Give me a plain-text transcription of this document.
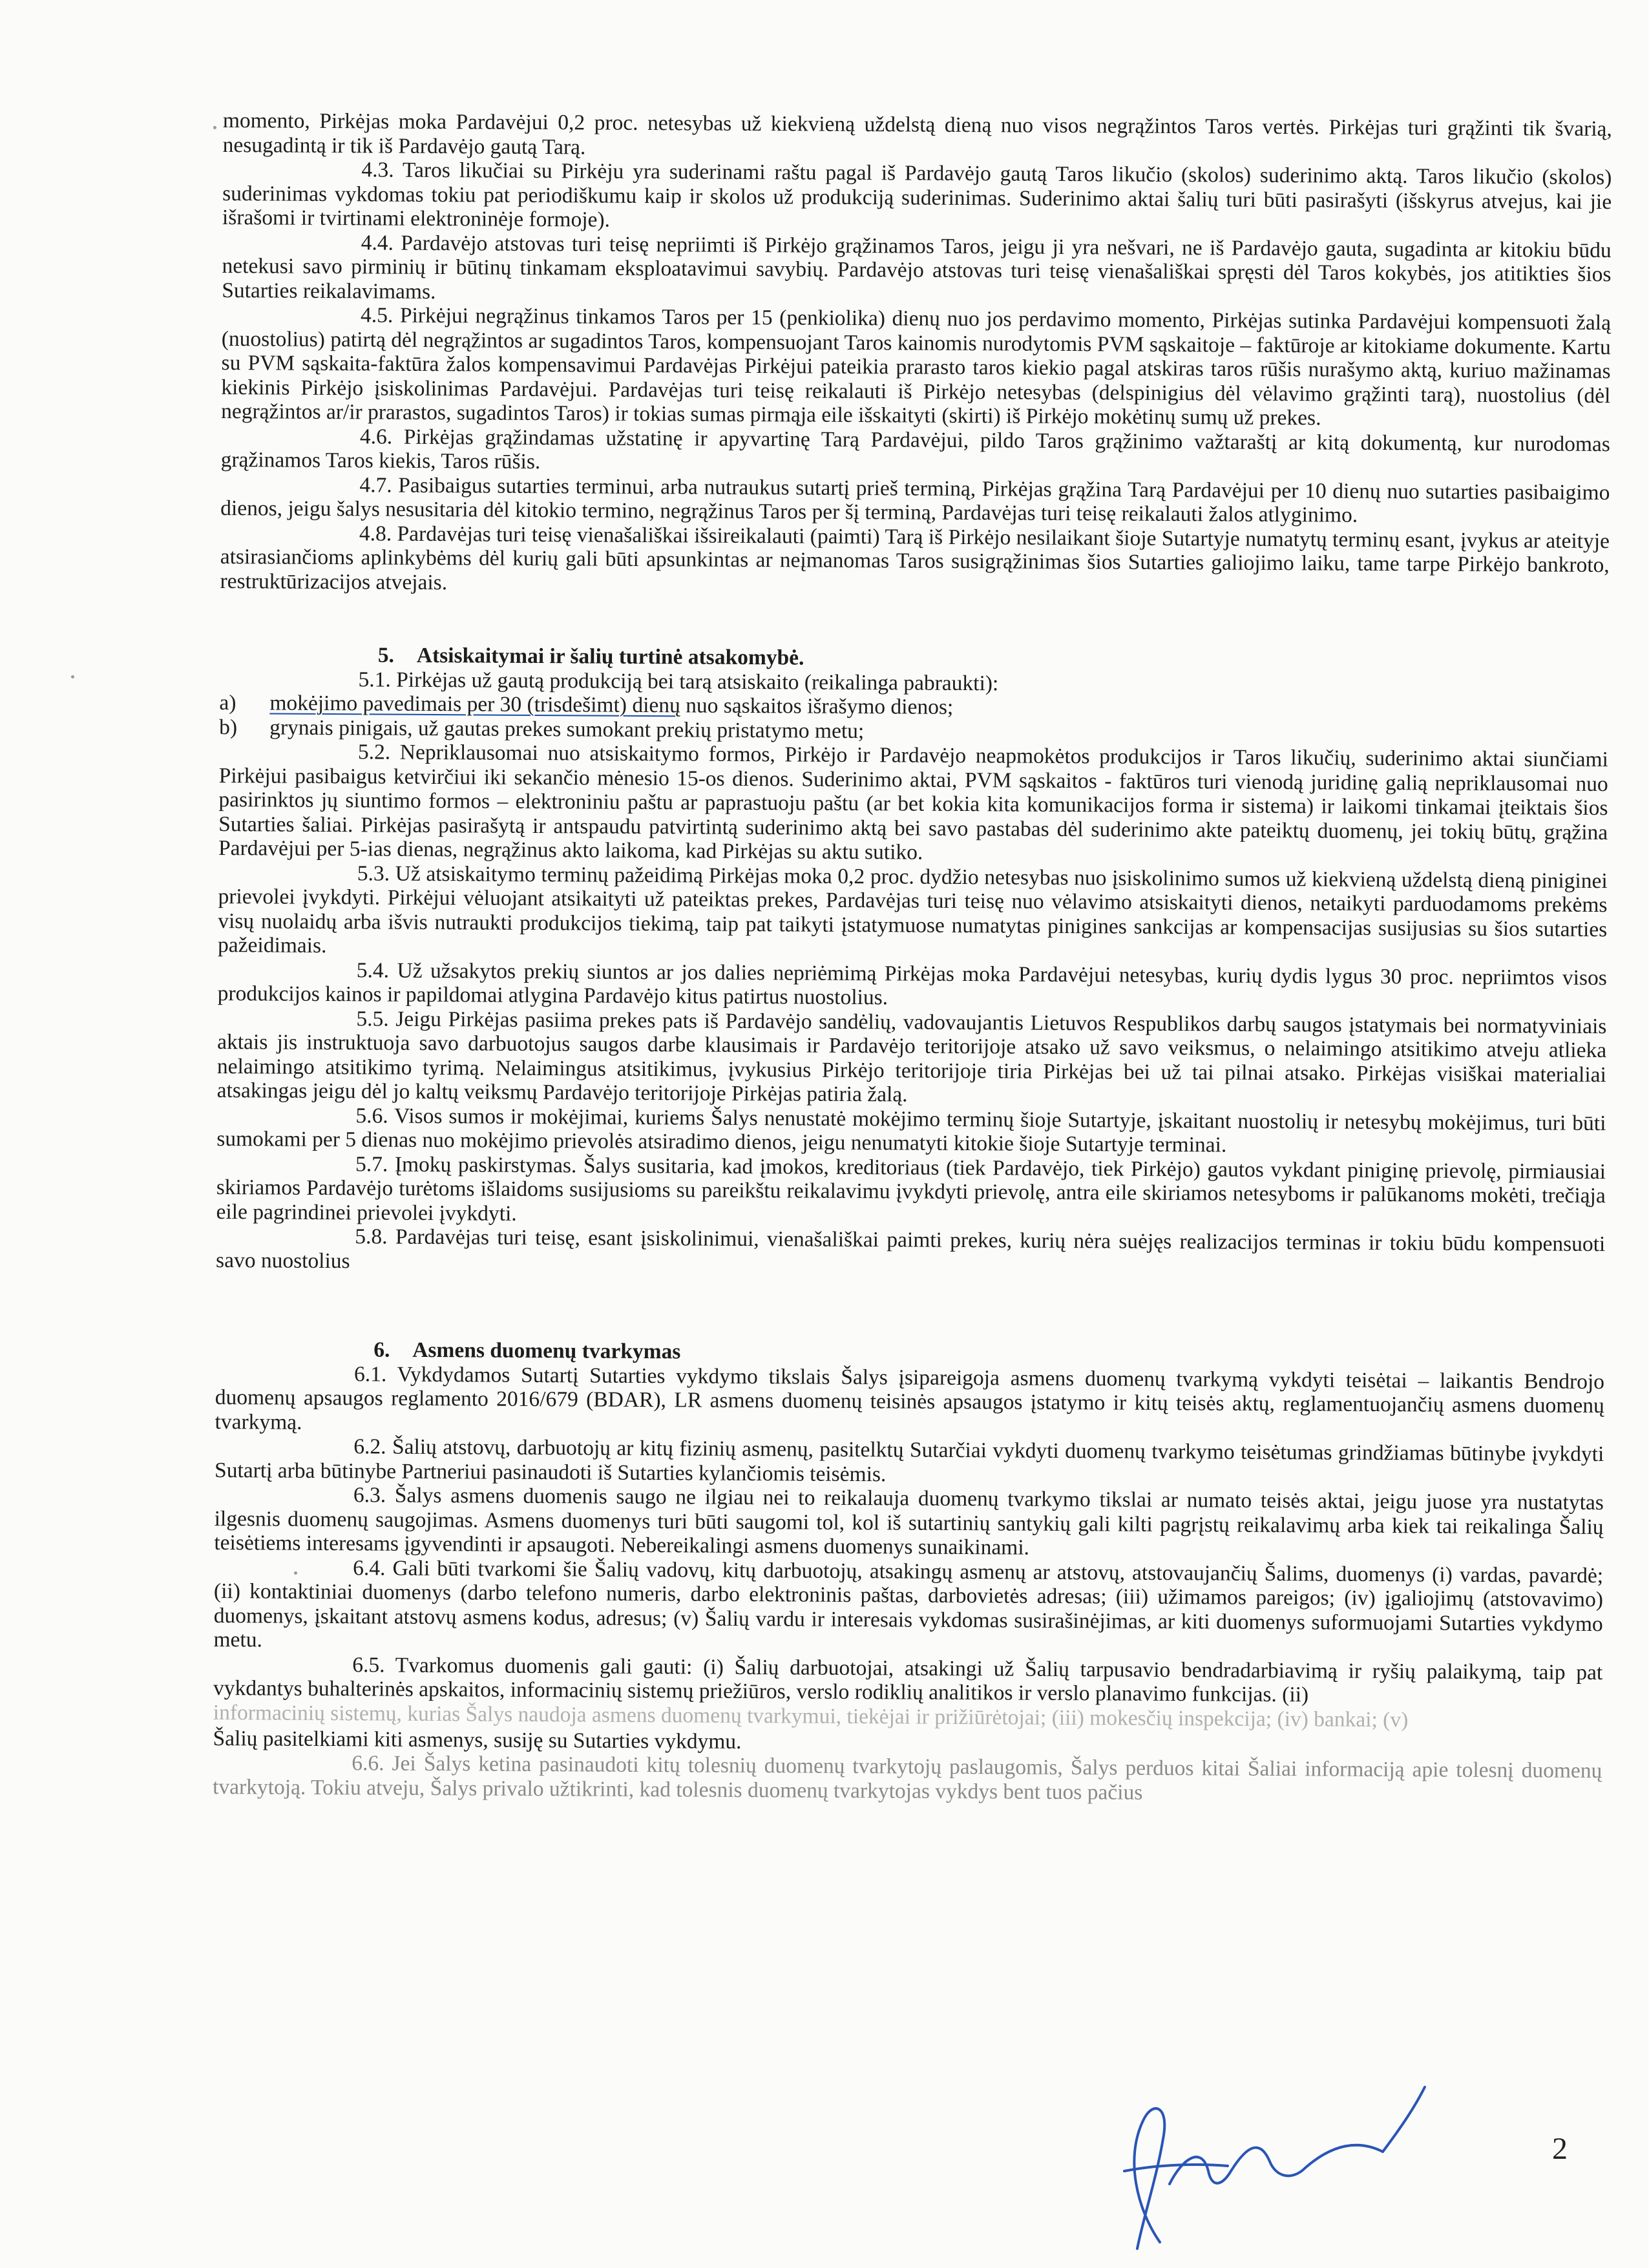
momento, Pirkėjas moka Pardavėjui 0,2 proc. netesybas už kiekvieną uždelstą dieną nuo visos negrąžintos Taros vertės. Pirkėjas turi grąžinti tik švarią, nesugadintą ir tik iš Pardavėjo gautą Tarą.

4.3. Taros likučiai su Pirkėju yra suderinami raštu pagal iš Pardavėjo gautą Taros likučio (skolos) suderinimo aktą. Taros likučio (skolos) suderinimas vykdomas tokiu pat periodiškumu kaip ir skolos už produkciją suderinimas. Suderinimo aktai šalių turi būti pasirašyti (išskyrus atvejus, kai jie išrašomi ir tvirtinami elektroninėje formoje).

4.4. Pardavėjo atstovas turi teisę nepriimti iš Pirkėjo grąžinamos Taros, jeigu ji yra nešvari, ne iš Pardavėjo gauta, sugadinta ar kitokiu būdu netekusi savo pirminių ir būtinų tinkamam eksploatavimui savybių. Pardavėjo atstovas turi teisę vienašališkai spręsti dėl Taros kokybės, jos atitikties šios Sutarties reikalavimams.

4.5. Pirkėjui negrąžinus tinkamos Taros per 15 (penkiolika) dienų nuo jos perdavimo momento, Pirkėjas sutinka Pardavėjui kompensuoti žalą (nuostolius) patirtą dėl negrąžintos ar sugadintos Taros, kompensuojant Taros kainomis nurodytomis PVM sąskaitoje – faktūroje ar kitokiame dokumente. Kartu su PVM sąskaita-faktūra žalos kompensavimui Pardavėjas Pirkėjui pateikia prarasto taros kiekio pagal atskiras taros rūšis nurašymo aktą, kuriuo mažinamas kiekinis Pirkėjo įsiskolinimas Pardavėjui. Pardavėjas turi teisę reikalauti iš Pirkėjo netesybas (delspinigius dėl vėlavimo grąžinti tarą), nuostolius (dėl negrąžintos ar/ir prarastos, sugadintos Taros) ir tokias sumas pirmąja eile išskaityti (skirti) iš Pirkėjo mokėtinų sumų už prekes.

4.6. Pirkėjas grąžindamas užstatinę ir apyvartinę Tarą Pardavėjui, pildo Taros grąžinimo važtaraštį ar kitą dokumentą, kur nurodomas grąžinamos Taros kiekis, Taros rūšis.

4.7. Pasibaigus sutarties terminui, arba nutraukus sutartį prieš terminą, Pirkėjas grąžina Tarą Pardavėjui per 10 dienų nuo sutarties pasibaigimo dienos, jeigu šalys nesusitaria dėl kitokio termino, negrąžinus Taros per šį terminą, Pardavėjas turi teisę reikalauti žalos atlyginimo.

4.8. Pardavėjas turi teisę vienašališkai išsireikalauti (paimti) Tarą iš Pirkėjo nesilaikant šioje Sutartyje numatytų terminų esant, įvykus ar ateityje atsirasiančioms aplinkybėms dėl kurių gali būti apsunkintas ar neįmanomas Taros susigrąžinimas šios Sutarties galiojimo laiku, tame tarpe Pirkėjo bankroto, restruktūrizacijos atvejais.

5. Atsiskaitymai ir šalių turtinė atsakomybė.

5.1. Pirkėjas už gautą produkciją bei tarą atsiskaito (reikalinga pabraukti):

a)	mokėjimo pavedimais per 30 (trisdešimt) dienų nuo sąskaitos išrašymo dienos;
b)	grynais pinigais, už gautas prekes sumokant prekių pristatymo metu;

5.2. Nepriklausomai nuo atsiskaitymo formos, Pirkėjo ir Pardavėjo neapmokėtos produkcijos ir Taros likučių, suderinimo aktai siunčiami Pirkėjui pasibaigus ketvirčiui iki sekančio mėnesio 15-os dienos. Suderinimo aktai, PVM sąskaitos - faktūros turi vienodą juridinę galią nepriklausomai nuo pasirinktos jų siuntimo formos – elektroniniu paštu ar paprastuoju paštu (ar bet kokia kita komunikacijos forma ir sistema) ir laikomi tinkamai įteiktais šios Sutarties šaliai. Pirkėjas pasirašytą ir antspaudu patvirtintą suderinimo aktą bei savo pastabas dėl suderinimo akte pateiktų duomenų, jei tokių būtų, grąžina Pardavėjui per 5-ias dienas, negrąžinus akto laikoma, kad Pirkėjas su aktu sutiko.

5.3. Už atsiskaitymo terminų pažeidimą Pirkėjas moka 0,2 proc. dydžio netesybas nuo įsiskolinimo sumos už kiekvieną uždelstą dieną piniginei prievolei įvykdyti. Pirkėjui vėluojant atsikaityti už pateiktas prekes, Pardavėjas turi teisę nuo vėlavimo atsiskaityti dienos, netaikyti parduodamoms prekėms visų nuolaidų arba išvis nutraukti produkcijos tiekimą, taip pat taikyti įstatymuose numatytas pinigines sankcijas ar kompensacijas susijusias su šios sutarties pažeidimais.

5.4. Už užsakytos prekių siuntos ar jos dalies nepriėmimą Pirkėjas moka Pardavėjui netesybas, kurių dydis lygus 30 proc. nepriimtos visos produkcijos kainos ir papildomai atlygina Pardavėjo kitus patirtus nuostolius.

5.5. Jeigu Pirkėjas pasiima prekes pats iš Pardavėjo sandėlių, vadovaujantis Lietuvos Respublikos darbų saugos įstatymais bei normatyviniais aktais jis instruktuoja savo darbuotojus saugos darbe klausimais ir Pardavėjo teritorijoje atsako už savo veiksmus, o nelaimingo atsitikimo atveju atlieka nelaimingo atsitikimo tyrimą. Nelaimingus atsitikimus, įvykusius Pirkėjo teritorijoje tiria Pirkėjas bei už tai pilnai atsako. Pirkėjas visiškai materialiai atsakingas jeigu dėl jo kaltų veiksmų Pardavėjo teritorijoje Pirkėjas patiria žalą.

5.6. Visos sumos ir mokėjimai, kuriems Šalys nenustatė mokėjimo terminų šioje Sutartyje, įskaitant nuostolių ir netesybų mokėjimus, turi būti sumokami per 5 dienas nuo mokėjimo prievolės atsiradimo dienos, jeigu nenumatyti kitokie šioje Sutartyje terminai.

5.7. Įmokų paskirstymas. Šalys susitaria, kad įmokos, kreditoriaus (tiek Pardavėjo, tiek Pirkėjo) gautos vykdant piniginę prievolę, pirmiausiai skiriamos Pardavėjo turėtoms išlaidoms susijusioms su pareikštu reikalavimu įvykdyti prievolę, antra eile skiriamos netesyboms ir palūkanoms mokėti, trečiąja eile pagrindinei prievolei įvykdyti.

5.8. Pardavėjas turi teisę, esant įsiskolinimui, vienašališkai paimti prekes, kurių nėra suėjęs realizacijos terminas ir tokiu būdu kompensuoti savo nuostolius

6. Asmens duomenų tvarkymas

6.1. Vykdydamos Sutartį Sutarties vykdymo tikslais Šalys įsipareigoja asmens duomenų tvarkymą vykdyti teisėtai – laikantis Bendrojo duomenų apsaugos reglamento 2016/679 (BDAR), LR asmens duomenų teisinės apsaugos įstatymo ir kitų teisės aktų, reglamentuojančių asmens duomenų tvarkymą.

6.2. Šalių atstovų, darbuotojų ar kitų fizinių asmenų, pasitelktų Sutarčiai vykdyti duomenų tvarkymo teisėtumas grindžiamas būtinybe įvykdyti Sutartį arba būtinybe Partneriui pasinaudoti iš Sutarties kylančiomis teisėmis.

6.3. Šalys asmens duomenis saugo ne ilgiau nei to reikalauja duomenų tvarkymo tikslai ar numato teisės aktai, jeigu juose yra nustatytas ilgesnis duomenų saugojimas. Asmens duomenys turi būti saugomi tol, kol iš sutartinių santykių gali kilti pagrįstų reikalavimų arba kiek tai reikalinga Šalių teisėtiems interesams įgyvendinti ir apsaugoti. Nebereikalingi asmens duomenys sunaikinami.

6.4. Gali būti tvarkomi šie Šalių vadovų, kitų darbuotojų, atsakingų asmenų ar atstovų, atstovaujančių Šalims, duomenys (i) vardas, pavardė; (ii) kontaktiniai duomenys (darbo telefono numeris, darbo elektroninis paštas, darbovietės adresas; (iii) užimamos pareigos; (iv) įgaliojimų (atstovavimo) duomenys, įskaitant atstovų asmens kodus, adresus; (v) Šalių vardu ir interesais vykdomas susirašinėjimas, ar kiti duomenys suformuojami Sutarties vykdymo metu.

6.5. Tvarkomus duomenis gali gauti: (i) Šalių darbuotojai, atsakingi už Šalių tarpusavio bendradarbiavimą ir ryšių palaikymą, taip pat vykdantys buhalterinės apskaitos, informacinių sistemų priežiūros, verslo rodiklių analitikos ir verslo planavimo funkcijas. (ii)

informacinių sistemų, kurias Šalys naudoja asmens duomenų tvarkymui, tiekėjai ir prižiūrėtojai; (iii) mokesčių inspekcija; (iv) bankai; (v)

Šalių pasitelkiami kiti asmenys, susiję su Sutarties vykdymu.

6.6. Jei Šalys ketina pasinaudoti kitų tolesnių duomenų tvarkytojų paslaugomis, Šalys perduos kitai Šaliai informaciją apie tolesnį duomenų tvarkytoją. Tokiu atveju, Šalys privalo užtikrinti, kad tolesnis duomenų tvarkytojas vykdys bent tuos pačius

2
